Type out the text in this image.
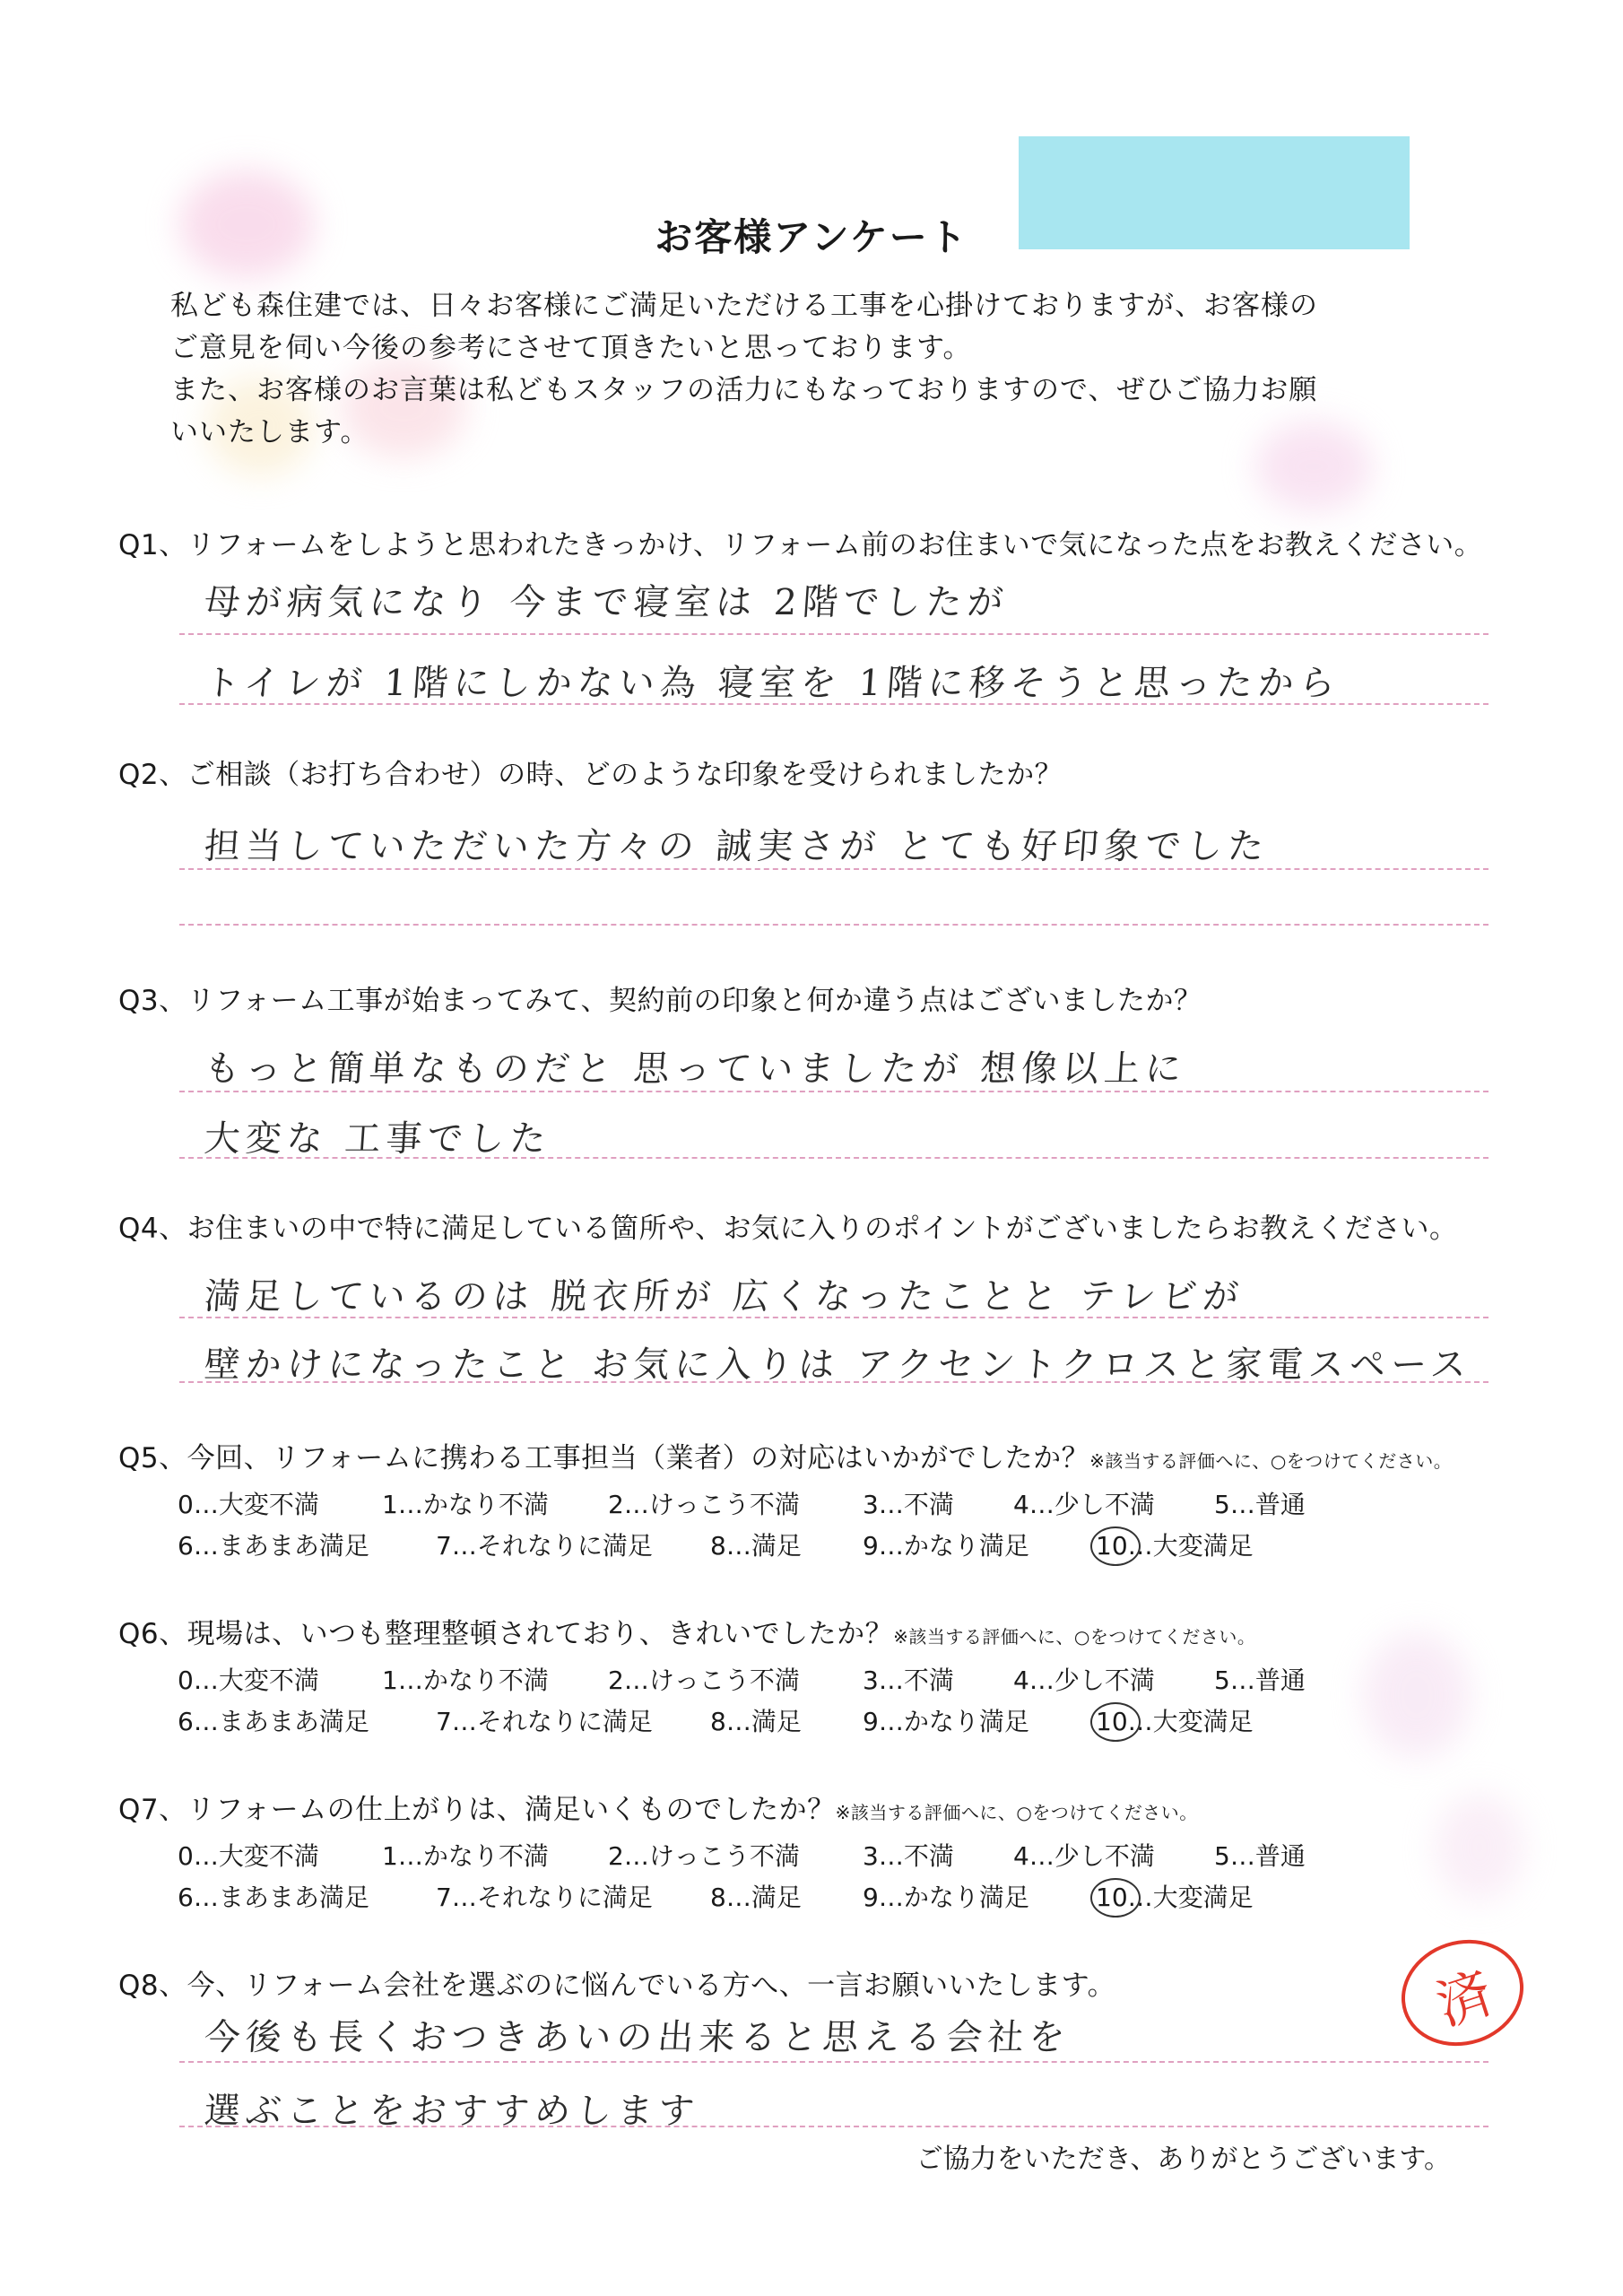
お客様アンケート
私ども森住建では、日々お客様にご満足いただける工事を心掛けておりますが、お客様の
ご意見を伺い今後の参考にさせて頂きたいと思っております。
また、お客様のお言葉は私どもスタッフの活力にもなっておりますので、ぜひご協力お願
いいたします。
Q1、リフォームをしようと思われたきっかけ、リフォーム前のお住まいで気になった点をお教えください。
母が病気になり 今まで寝室は 2階でしたが
トイレが 1階にしかない為 寝室を 1階に移そうと思ったから
Q2、ご相談（お打ち合わせ）の時、どのような印象を受けられましたか？
担当していただいた方々の 誠実さが とても好印象でした
Q3、リフォーム工事が始まってみて、契約前の印象と何か違う点はございましたか？
もっと簡単なものだと 思っていましたが 想像以上に
大変な 工事でした
Q4、お住まいの中で特に満足している箇所や、お気に入りのポイントがございましたらお教えください。
満足しているのは 脱衣所が 広くなったことと テレビが
壁かけになったこと お気に入りは アクセントクロスと家電スペース
Q5、今回、リフォームに携わる工事担当（業者）の対応はいかがでしたか？※該当する評価へに、○をつけてください。
0…大変不満	1…かなり不満 2…けっこう不満	3…不満 4…少し不満 5…普通
6…まあまあ満足	7…それなりに満足 8…満足 9…かなり満足	10…大変満足
Q6、現場は、いつも整理整頓されており、きれいでしたか？※該当する評価へに、○をつけてください。
0…大変不満	1…かなり不満 2…けっこう不満	3…不満 4…少し不満 5…普通
6…まあまあ満足	7…それなりに満足 8…満足 9…かなり満足	10…大変満足
Q7、リフォームの仕上がりは、満足いくものでしたか？※該当する評価へに、○をつけてください。
0…大変不満	1…かなり不満 2…けっこう不満	3…不満 4…少し不満 5…普通
6…まあまあ満足	7…それなりに満足 8…満足 9…かなり満足	10…大変満足
Q8、今、リフォーム会社を選ぶのに悩んでいる方へ、一言お願いいたします。
今後も長くおつきあいの出来ると思える会社を
選ぶことをおすすめします
済
ご協力をいただき、ありがとうございます。
